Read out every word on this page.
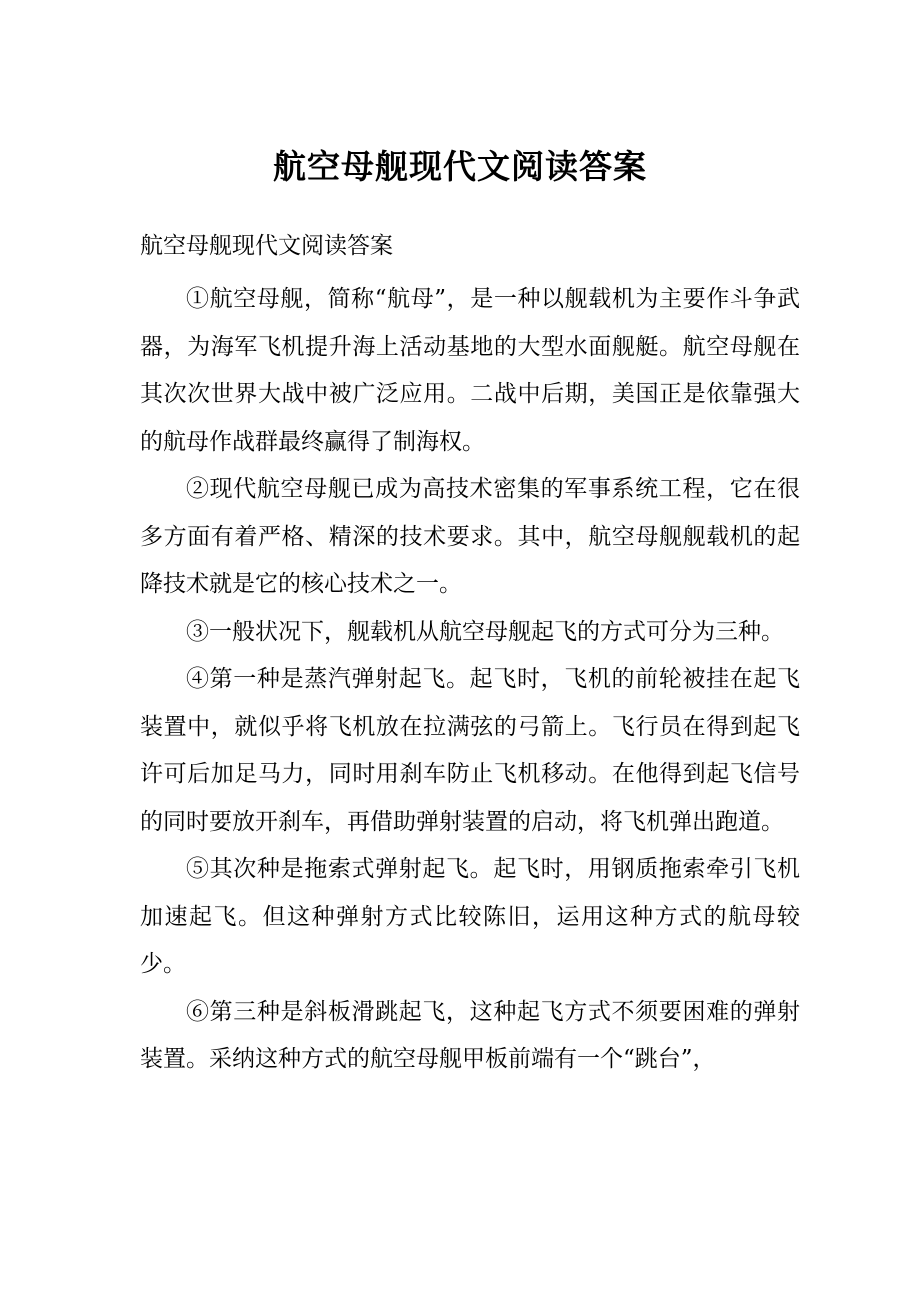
航空母舰现代文阅读答案
航空母舰现代文阅读答案

①航空母舰，简称“航母”，是一种以舰载机为主要作斗争武器，为海军飞机提升海上活动基地的大型水面舰艇。航空母舰在其次次世界大战中被广泛应用。二战中后期，美国正是依靠强大的航母作战群最终赢得了制海权。

②现代航空母舰已成为高技术密集的军事系统工程，它在很多方面有着严格、精深的技术要求。其中，航空母舰舰载机的起降技术就是它的核心技术之一。

③一般状况下，舰载机从航空母舰起飞的方式可分为三种。

④第一种是蒸汽弹射起飞。起飞时，飞机的前轮被挂在起飞装置中，就似乎将飞机放在拉满弦的弓箭上。飞行员在得到起飞许可后加足马力，同时用刹车防止飞机移动。在他得到起飞信号的同时要放开刹车，再借助弹射装置的启动，将飞机弹出跑道。

⑤其次种是拖索式弹射起飞。起飞时，用钢质拖索牵引飞机加速起飞。但这种弹射方式比较陈旧，运用这种方式的航母较少。

⑥第三种是斜板滑跳起飞，这种起飞方式不须要困难的弹射装置。采纳这种方式的航空母舰甲板前端有一个“跳台”，
